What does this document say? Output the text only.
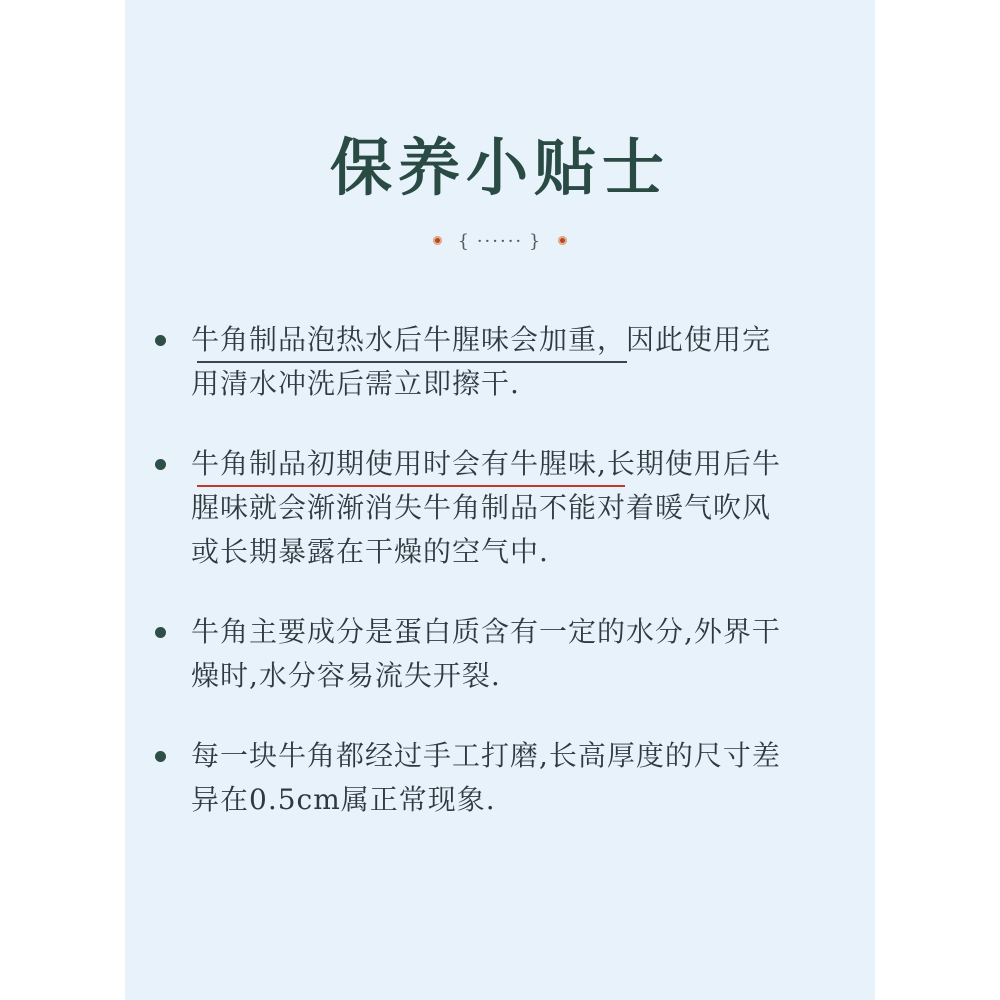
保养小贴士
{ ······ }
牛角制品泡热水后牛腥味会加重，因此使用完
用清水冲洗后需立即擦干.
牛角制品初期使用时会有牛腥味,长期使用后牛
腥味就会渐渐消失牛角制品不能对着暖气吹风
或长期暴露在干燥的空气中.
牛角主要成分是蛋白质含有一定的水分,外界干
燥时,水分容易流失开裂.
每一块牛角都经过手工打磨,长高厚度的尺寸差
异在0.5cm属正常现象.
